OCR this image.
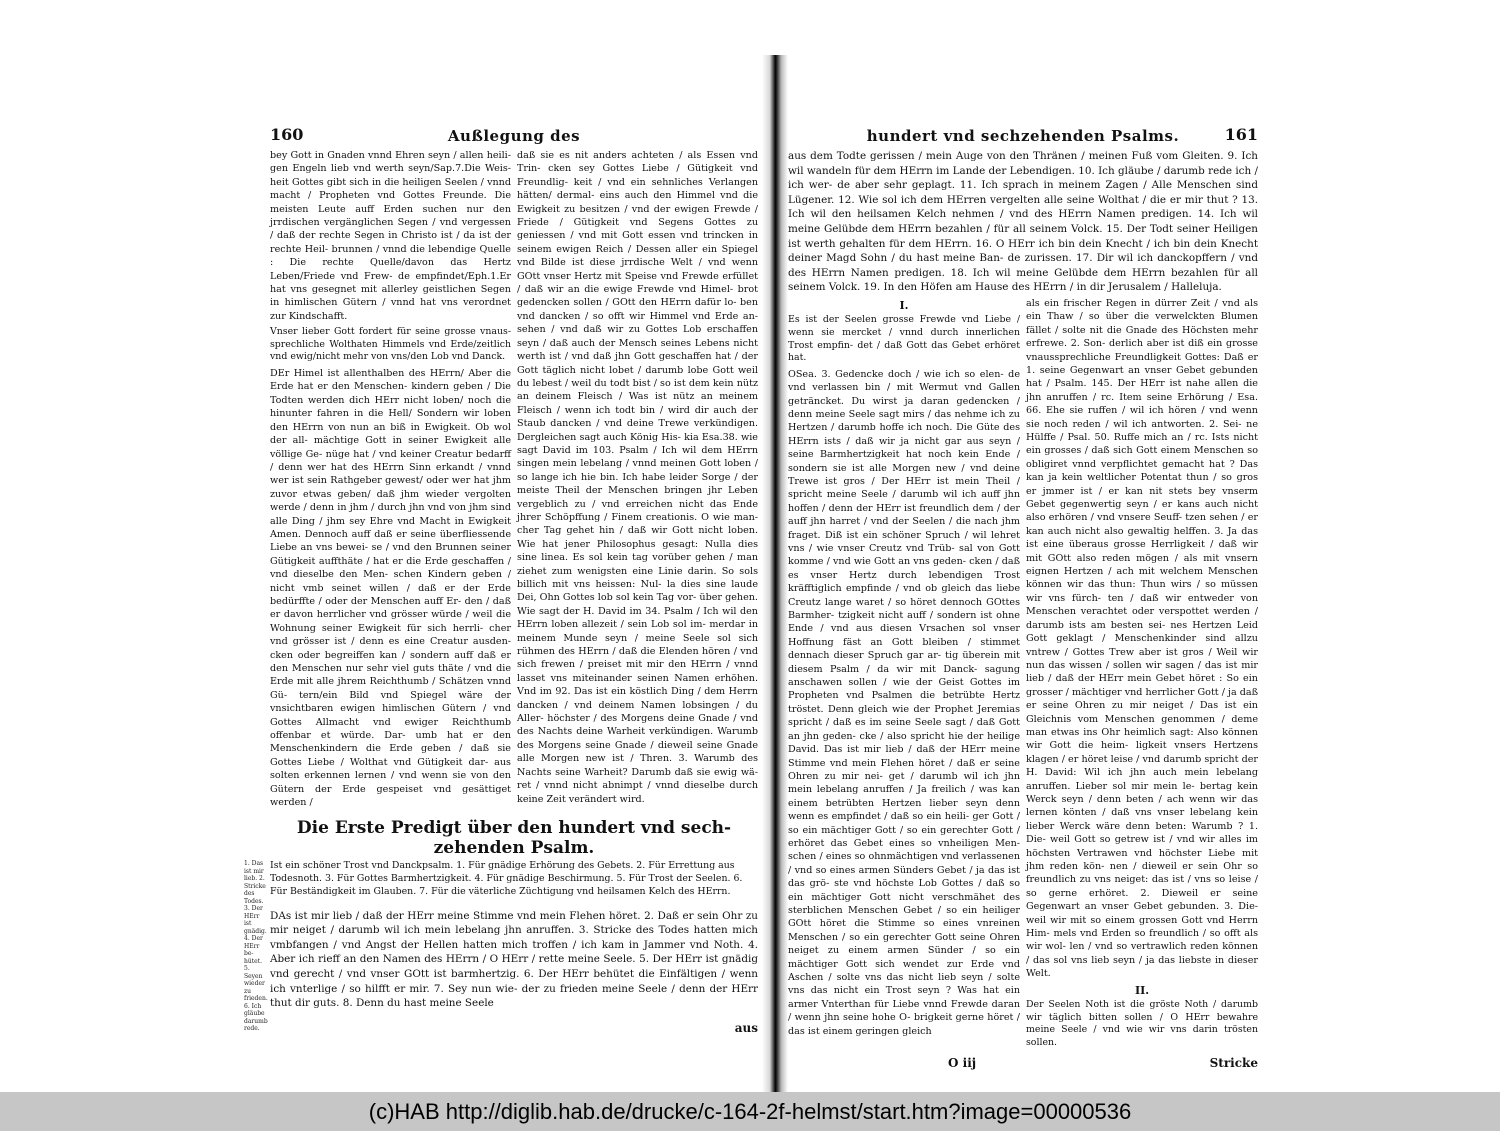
160	Außlegung des

bey Gott in Gnaden vnnd Ehren seyn / allen heili- gen Engeln lieb vnd werth seyn/Sap.7.Die Weis- heit Gottes gibt sich in die heiligen Seelen / vnnd macht / Propheten vnd Gottes Freunde. Die meisten Leute auff Erden suchen nur den jrrdischen vergänglichen Segen / vnd vergessen / daß der rechte Segen in Christo ist / da ist der rechte Heil- brunnen / vnnd die lebendige Quelle : Die rechte Quelle/davon das Hertz Leben/Friede vnd Frew- de empfindet/Eph.1.Er hat vns gesegnet mit allerley geistlichen Segen in himlischen Gütern / vnnd hat vns verordnet zur Kindschafft.

Vnser lieber Gott fordert für seine grosse vnaus- sprechliche Wolthaten Himmels vnd Erde/zeitlich vnd ewig/nicht mehr von vns/den Lob vnd Danck.

DEr Himel ist allenthalben des HErrn/ Aber die Erde hat er den Menschen- kindern geben / Die Todten werden dich HErr nicht loben/ noch die hinunter fahren in die Hell/ Sondern wir loben den HErrn von nun an biß in Ewigkeit. Ob wol der all- mächtige Gott in seiner Ewigkeit alle völlige Ge- nüge hat / vnd keiner Creatur bedarff / denn wer hat des HErrn Sinn erkandt / vnnd wer ist sein Rathgeber gewest/ oder wer hat jhm zuvor etwas geben/ daß jhm wieder vergolten werde / denn in jhm / durch jhn vnd von jhm sind alle Ding / jhm sey Ehre vnd Macht in Ewigkeit Amen. Dennoch auff daß er seine überfliessende Liebe an vns bewei- se / vnd den Brunnen seiner Gütigkeit auffthäte / hat er die Erde geschaffen / vnd dieselbe den Men- schen Kindern geben / nicht vmb seinet willen / daß er der Erde bedürffte / oder der Menschen auff Er- den / daß er davon herrlicher vnd grösser würde / weil die Wohnung seiner Ewigkeit für sich herrli- cher vnd grösser ist / denn es eine Creatur ausden- cken oder begreiffen kan / sondern auff daß er den Menschen nur sehr viel guts thäte / vnd die Erde mit alle jhrem Reichthumb / Schätzen vnnd Gü- tern/ein Bild vnd Spiegel wäre der vnsichtbaren ewigen himlischen Gütern / vnd Gottes Allmacht vnd ewiger Reichthumb offenbar et würde. Dar- umb hat er den Menschenkindern die Erde geben / daß sie Gottes Liebe / Wolthat vnd Gütigkeit dar- aus solten erkennen lernen / vnd wenn sie von den Gütern der Erde gespeiset vnd gesättiget werden /

daß sie es nit anders achteten / als Essen vnd Trin- cken sey Gottes Liebe / Gütigkeit vnd Freundlig- keit / vnd ein sehnliches Verlangen hätten/ dermal- eins auch den Himmel vnd die Ewigkeit zu besitzen / vnd der ewigen Frewde / Friede / Gütigkeit vnd Segens Gottes zu geniessen / vnd mit Gott essen vnd trincken in seinem ewigen Reich / Dessen aller ein Spiegel vnd Bilde ist diese jrrdische Welt / vnd wenn GOtt vnser Hertz mit Speise vnd Frewde erfüllet / daß wir an die ewige Frewde vnd Himel- brot gedencken sollen / GOtt den HErrn dafür lo- ben vnd dancken / so offt wir Himmel vnd Erde an- sehen / vnd daß wir zu Gottes Lob erschaffen seyn / daß auch der Mensch seines Lebens nicht werth ist / vnd daß jhn Gott geschaffen hat / der Gott täglich nicht lobet / darumb lobe Gott weil du lebest / weil du todt bist / so ist dem kein nütz an deinem Fleisch / Was ist nütz an meinem Fleisch / wenn ich todt bin / wird dir auch der Staub dancken / vnd deine Trewe verkündigen. Dergleichen sagt auch König His- kia Esa.38. wie sagt David im 103. Psalm / Ich wil dem HErrn singen mein lebelang / vnnd meinen Gott loben / so lange ich hie bin. Ich habe leider Sorge / der meiste Theil der Menschen bringen jhr Leben vergeblich zu / vnd erreichen nicht das Ende jhrer Schöpffung / Finem creationis. O wie man- cher Tag gehet hin / daß wir Gott nicht loben. Wie hat jener Philosophus gesagt: Nulla dies sine linea. Es sol kein tag vorüber gehen / man ziehet zum wenigsten eine Linie darin. So sols billich mit vns heissen: Nul- la dies sine laude Dei, Ohn Gottes lob sol kein Tag vor- über gehen. Wie sagt der H. David im 34. Psalm / Ich wil den HErrn loben allezeit / sein Lob sol im- merdar in meinem Munde seyn / meine Seele sol sich rühmen des HErrn / daß die Elenden hören / vnd sich frewen / preiset mit mir den HErrn / vnnd lasset vns miteinander seinen Namen erhöhen. Vnd im 92. Das ist ein köstlich Ding / dem Herrn dancken / vnd deinem Namen lobsingen / du Aller- höchster / des Morgens deine Gnade / vnd des Nachts deine Warheit verkündigen. Warumb des Morgens seine Gnade / dieweil seine Gnade alle Morgen new ist / Thren. 3. Warumb des Nachts seine Warheit? Darumb daß sie ewig wä- ret / vnnd nicht abnimpt / vnnd dieselbe durch keine Zeit verändert wird.

Die Erste Predigt über den hundert vnd sech- zehenden Psalm.
1. Das ist mir lieb. 2. Stricke des Todes. 3. Der HErr ist gnädig. 4. Der HErr be- hütet. 5. Seyen wieder zu frieden. 6. Ich gläube darumb rede.

Ist ein schöner Trost vnd Danckpsalm. 1. Für gnädige Erhörung des Gebets. 2. Für Errettung aus Todesnoth. 3. Für Gottes Barmhertzigkeit. 4. Für gnädige Beschirmung. 5. Für Trost der Seelen. 6. Für Beständigkeit im Glauben. 7. Für die väterliche Züchtigung vnd heilsamen Kelch des HErrn.

DAs ist mir lieb / daß der HErr meine Stimme vnd mein Flehen höret. 2. Daß er sein Ohr zu mir neiget / darumb wil ich mein lebelang jhn anruffen. 3. Stricke des Todes hatten mich vmbfangen / vnd Angst der Hellen hatten mich troffen / ich kam in Jammer vnd Noth. 4. Aber ich rieff an den Namen des HErrn / O HErr / rette meine Seele. 5. Der HErr ist gnädig vnd gerecht / vnd vnser GOtt ist barmhertzig. 6. Der HErr behütet die Einfältigen / wenn ich vnterlige / so hilfft er mir. 7. Sey nun wie- der zu frieden meine Seele / denn der HErr thut dir guts. 8. Denn du hast meine Seele

aus
hundert vnd sechzehenden Psalms.	161

aus dem Todte gerissen / mein Auge von den Thränen / meinen Fuß vom Gleiten. 9. Ich wil wandeln für dem HErrn im Lande der Lebendigen. 10. Ich gläube / darumb rede ich / ich wer- de aber sehr geplagt. 11. Ich sprach in meinem Zagen / Alle Menschen sind Lügener. 12. Wie sol ich dem HErren vergelten alle seine Wolthat / die er mir thut ? 13. Ich wil den heilsamen Kelch nehmen / vnd des HErrn Namen predigen. 14. Ich wil meine Gelübde dem HErrn bezahlen / für all seinem Volck. 15. Der Todt seiner Heiligen ist werth gehalten für dem HErrn. 16. O HErr ich bin dein Knecht / ich bin dein Knecht deiner Magd Sohn / du hast meine Ban- de zurissen. 17. Dir wil ich danckopffern / vnd des HErrn Namen predigen. 18. Ich wil meine Gelübde dem HErrn bezahlen für all seinem Volck. 19. In den Höfen am Hause des HErrn / in dir Jerusalem / Halleluja.

I.

Es ist der Seelen grosse Frewde vnd Liebe / wenn sie mercket / vnnd durch innerlichen Trost empfin- det / daß Gott das Gebet erhöret hat.

OSea. 3. Gedencke doch / wie ich so elen- de vnd verlassen bin / mit Wermut vnd Gallen geträncket. Du wirst ja daran gedencken / denn meine Seele sagt mirs / das nehme ich zu Hertzen / darumb hoffe ich noch. Die Güte des HErrn ists / daß wir ja nicht gar aus seyn / seine Barmhertzigkeit hat noch kein Ende / sondern sie ist alle Morgen new / vnd deine Trewe ist gros / Der HErr ist mein Theil / spricht meine Seele / darumb wil ich auff jhn hoffen / denn der HErr ist freundlich dem / der auff jhn harret / vnd der Seelen / die nach jhm fraget. Diß ist ein schöner Spruch / wil lehret vns / wie vnser Creutz vnd Trüb- sal von Gott komme / vnd wie Gott an vns geden- cken / daß es vnser Hertz durch lebendigen Trost kräfftiglich empfinde / vnd ob gleich das liebe Creutz lange waret / so höret dennoch GOttes Barmher- tzigkeit nicht auff / sondern ist ohne Ende / vnd aus diesen Vrsachen sol vnser Hoffnung fäst an Gott bleiben / stimmet dennach dieser Spruch gar ar- tig überein mit diesem Psalm / da wir mit Danck- sagung anschawen sollen / wie der Geist Gottes im Propheten vnd Psalmen die betrübte Hertz tröstet. Denn gleich wie der Prophet Jeremias spricht / daß es im seine Seele sagt / daß Gott an jhn geden- cke / also spricht hie der heilige David. Das ist mir lieb / daß der HErr meine Stimme vnd mein Flehen höret / daß er seine Ohren zu mir nei- get / darumb wil ich jhn mein lebelang anruffen / Ja freilich / was kan einem betrübten Hertzen lieber seyn denn wenn es empfindet / daß so ein heili- ger Gott / so ein mächtiger Gott / so ein gerechter Gott / erhöret das Gebet eines so vnheiligen Men- schen / eines so ohnmächtigen vnd verlassenen / vnd so eines armen Sünders Gebet / ja das ist das grö- ste vnd höchste Lob Gottes / daß so ein mächtiger Gott nicht verschmähet des sterblichen Menschen Gebet / so ein heiliger GOtt höret die Stimme so eines vnreinen Menschen / so ein gerechter Gott seine Ohren neiget zu einem armen Sünder / so ein mächtiger Gott sich wendet zur Erde vnd Aschen / solte vns das nicht lieb seyn / solte vns das nicht ein Trost seyn ? Was hat ein armer Vnterthan für Liebe vnnd Frewde daran / wenn jhn seine hohe O- brigkeit gerne höret / das ist einem geringen gleich

als ein frischer Regen in dürrer Zeit / vnd als ein Thaw / so über die verwelckten Blumen fället / solte nit die Gnade des Höchsten mehr erfrewe. 2. Son- derlich aber ist diß ein grosse vnaussprechliche Freundligkeit Gottes: Daß er 1. seine Gegenwart an vnser Gebet gebunden hat / Psalm. 145. Der HErr ist nahe allen die jhn anruffen / rc. Item seine Erhörung / Esa. 66. Ehe sie ruffen / wil ich hören / vnd wenn sie noch reden / wil ich antworten. 2. Sei- ne Hülffe / Psal. 50. Ruffe mich an / rc. Ists nicht ein grosses / daß sich Gott einem Menschen so obligiret vnnd verpflichtet gemacht hat ? Das kan ja kein weltlicher Potentat thun / so gros er jmmer ist / er kan nit stets bey vnserm Gebet gegenwertig seyn / er kans auch nicht also erhören / vnd vnsere Seuff- tzen sehen / er kan auch nicht also gewaltig helffen. 3. Ja das ist eine überaus grosse Herrligkeit / daß wir mit GOtt also reden mögen / als mit vnsern eignen Hertzen / ach mit welchem Menschen können wir das thun: Thun wirs / so müssen wir vns fürch- ten / daß wir entweder von Menschen verachtet oder verspottet werden / darumb ists am besten sei- nes Hertzen Leid Gott geklagt / Menschenkinder sind allzu vntrew / Gottes Trew aber ist gros / Weil wir nun das wissen / sollen wir sagen / das ist mir lieb / daß der HErr mein Gebet höret : So ein grosser / mächtiger vnd herrlicher Gott / ja daß er seine Ohren zu mir neiget / Das ist ein Gleichnis vom Menschen genommen / deme man etwas ins Ohr heimlich sagt: Also können wir Gott die heim- ligkeit vnsers Hertzens klagen / er höret leise / vnd darumb spricht der H. David: Wil ich jhn auch mein lebelang anruffen. Lieber sol mir mein le- bertag kein Werck seyn / denn beten / ach wenn wir das lernen könten / daß vns vnser lebelang kein lieber Werck wäre denn beten: Warumb ? 1. Die- weil Gott so getrew ist / vnd wir alles im höchsten Vertrawen vnd höchster Liebe mit jhm reden kön- nen / dieweil er sein Ohr so freundlich zu vns neiget: das ist / vns so leise / so gerne erhöret. 2. Dieweil er seine Gegenwart an vnser Gebet gebunden. 3. Die- weil wir mit so einem grossen Gott vnd Herrn Him- mels vnd Erden so freundlich / so offt als wir wol- len / vnd so vertrawlich reden können / das sol vns lieb seyn / ja das liebste in dieser Welt.

II.

Der Seelen Noth ist die gröste Noth / darumb wir täglich bitten sollen / O HErr bewahre meine Seele / vnd wie wir vns darin trösten sollen.

O iij	Stricke
(c)HAB http://diglib.hab.de/drucke/c-164-2f-helmst/start.htm?image=00000536
